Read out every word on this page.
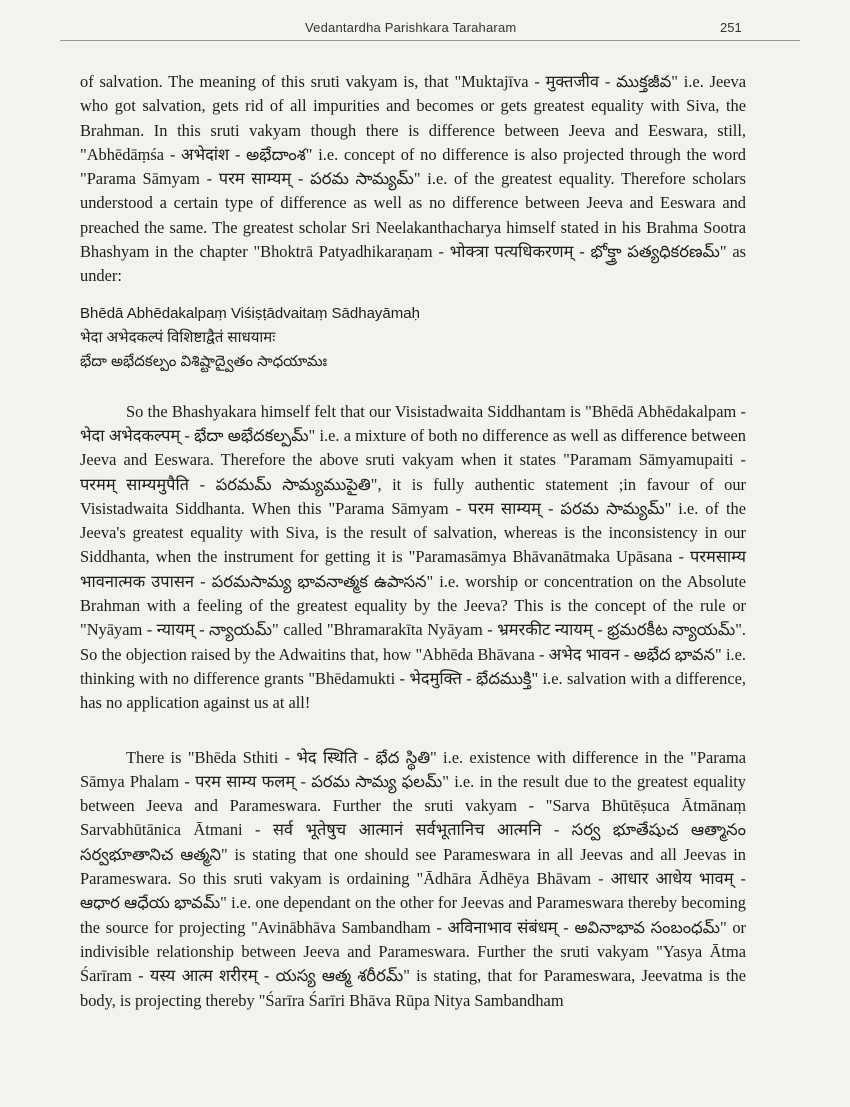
Vedantardha Parishkara Taraharam	251

of salvation. The meaning of this sruti vakyam is, that "Muktajīva - मुक्तजीव - ముక్తజీవ" i.e. Jeeva who got salvation, gets rid of all impurities and becomes or gets greatest equality with Siva, the Brahman. In this sruti vakyam though there is difference between Jeeva and Eeswara, still, "Abhēdāṃśa - अभेदांश - అభేదాంశ" i.e. concept of no difference is also projected through the word "Parama Sāmyam - परम साम्यम् - పరమ సామ్యమ్" i.e. of the greatest equality. Therefore scholars understood a certain type of difference as well as no difference between Jeeva and Eeswara and preached the same. The greatest scholar Sri Neelakanthacharya himself stated in his Brahma Sootra Bhashyam in the chapter "Bhoktrā Patyadhikaraṇam - भोक्त्रा पत्यधिकरणम् - భోక్త్రా పత్యధికరణమ్" as under:

Bhēdā Abhēdakalpaṃ Viśiṣṭādvaitaṃ Sādhayāmaḥ
भेदा अभेदकल्पं विशिष्टाद्वैतं साधयामः
భేదా అభేదకల్పం విశిష్టాద్వైతం సాధయామః

So the Bhashyakara himself felt that our Visistadwaita Siddhantam is "Bhēdā Abhēdakalpam - भेदा अभेदकल्पम् - భేదా అభేదకల్పమ్" i.e. a mixture of both no difference as well as difference between Jeeva and Eeswara. Therefore the above sruti vakyam when it states "Paramam Sāmyamupaiti - परमम् साम्यमुपैति - పరమమ్ సామ్యముపైతి", it is fully authentic statement ;in favour of our Visistadwaita Siddhanta. When this "Parama Sāmyam - परम साम्यम् - పరమ సామ్యమ్" i.e. of the Jeeva's greatest equality with Siva, is the result of salvation, whereas is the inconsistency in our Siddhanta, when the instrument for getting it is "Paramasāmya Bhāvanātmaka Upāsana - परमसाम्य भावनात्मक उपासन - పరమసామ్య భావనాత్మక ఉపాసన" i.e. worship or concentration on the Absolute Brahman with a feeling of the greatest equality by the Jeeva? This is the concept of the rule or "Nyāyam - न्यायम् - న్యాయమ్" called "Bhramarakīta Nyāyam - भ्रमरकीट न्यायम् - భ్రమరకీట న్యాయమ్". So the objection raised by the Adwaitins that, how "Abhēda Bhāvana - अभेद भावन - అభేద భావన" i.e. thinking with no difference grants "Bhēdamukti - भेदमुक्ति - భేదముక్తి" i.e. salvation with a difference, has no application against us at all!

There is "Bhēda Sthiti - भेद स्थिति - భేద స్థితి" i.e. existence with difference in the "Parama Sāmya Phalam - परम साम्य फलम् - పరమ సామ్య ఫలమ్" i.e. in the result due to the greatest equality between Jeeva and Parameswara. Further the sruti vakyam - "Sarva Bhūtēṣuca Ātmānaṃ Sarvabhūtānica Ātmani - सर्व भूतेषुच आत्मानं सर्वभूतानिच आत्मनि - సర్వ భూతేషుచ ఆత్మానం సర్వభూతానిచ ఆత్మని" is stating that one should see Parameswara in all Jeevas and all Jeevas in Parameswara. So this sruti vakyam is ordaining "Ādhāra Ādhēya Bhāvam - आधार आधेय भावम् - ఆధార ఆధేయ భావమ్" i.e. one dependant on the other for Jeevas and Parameswara thereby becoming the source for projecting "Avinābhāva Sambandham - अविनाभाव संबंधम् - అవినాభావ సంబంధమ్" or indivisible relationship between Jeeva and Parameswara. Further the sruti vakyam "Yasya Ātma Śarīram - यस्य आत्म शरीरम् - యస్య ఆత్మ శరీరమ్" is stating, that for Parameswara, Jeevatma is the body, is projecting thereby "Śarīra Śarīri Bhāva Rūpa Nitya Sambandham
